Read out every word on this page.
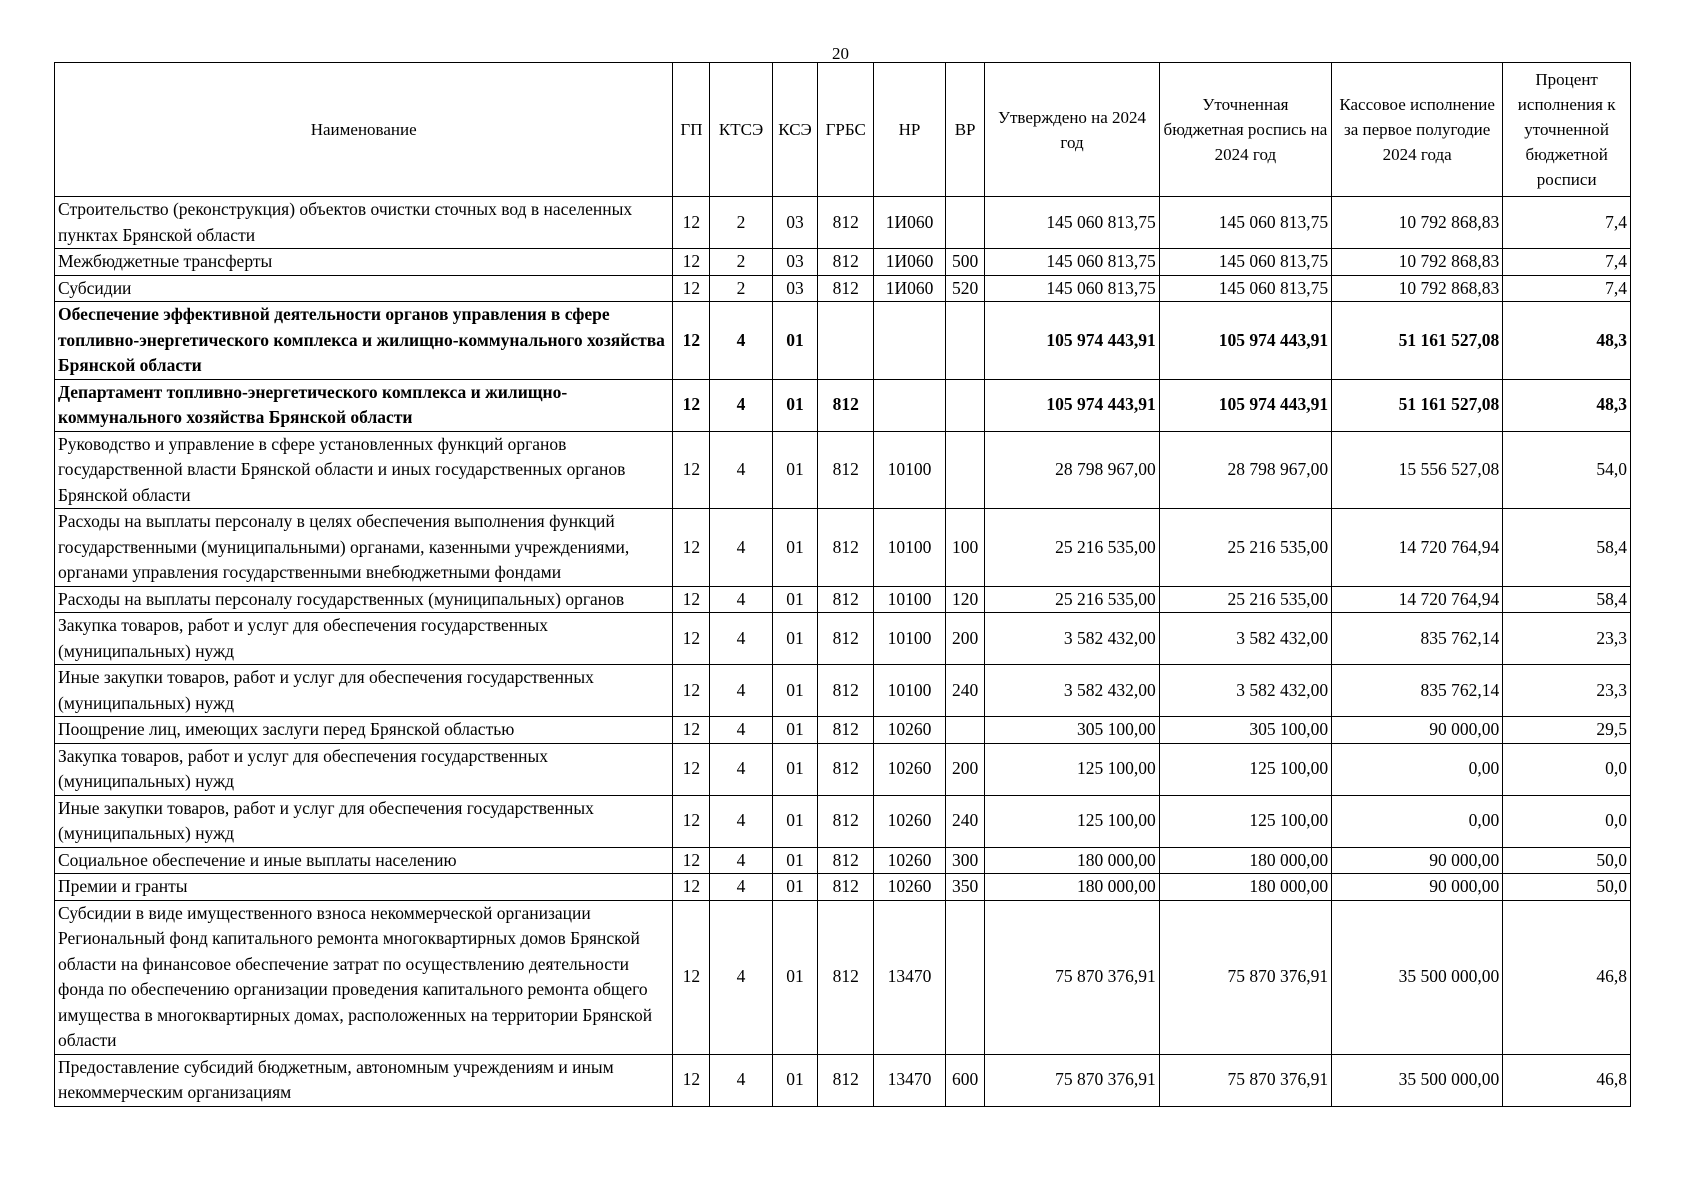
20
Наименование	ГП	КТСЭ	КСЭ	ГРБС	НР	ВР	Утверждено на 2024 год	Уточненная бюджетная роспись на 2024 год	Кассовое исполнение за первое полугодие 2024 года	Процент исполнения к уточненной бюджетной росписи
Строительство (реконструкция) объектов очистки сточных вод в населенных пунктах Брянской области	12	2	03	812	1И060		145 060 813,75	145 060 813,75	10 792 868,83	7,4
Межбюджетные трансферты	12	2	03	812	1И060	500	145 060 813,75	145 060 813,75	10 792 868,83	7,4
Субсидии	12	2	03	812	1И060	520	145 060 813,75	145 060 813,75	10 792 868,83	7,4
Обеспечение эффективной деятельности органов управления в сфере топливно-энергетического комплекса и жилищно-коммунального хозяйства Брянской области	12	4	01				105 974 443,91	105 974 443,91	51 161 527,08	48,3
Департамент топливно-энергетического комплекса и жилищно-коммунального хозяйства Брянской области	12	4	01	812			105 974 443,91	105 974 443,91	51 161 527,08	48,3
Руководство и управление в сфере установленных функций органов государственной власти Брянской области и иных государственных органов Брянской области	12	4	01	812	10100		28 798 967,00	28 798 967,00	15 556 527,08	54,0
Расходы на выплаты персоналу в целях обеспечения выполнения функций государственными (муниципальными) органами, казенными учреждениями, органами управления государственными внебюджетными фондами	12	4	01	812	10100	100	25 216 535,00	25 216 535,00	14 720 764,94	58,4
Расходы на выплаты персоналу государственных (муниципальных) органов	12	4	01	812	10100	120	25 216 535,00	25 216 535,00	14 720 764,94	58,4
Закупка товаров, работ и услуг для обеспечения государственных (муниципальных) нужд	12	4	01	812	10100	200	3 582 432,00	3 582 432,00	835 762,14	23,3
Иные закупки товаров, работ и услуг для обеспечения государственных (муниципальных) нужд	12	4	01	812	10100	240	3 582 432,00	3 582 432,00	835 762,14	23,3
Поощрение лиц, имеющих заслуги перед Брянской областью	12	4	01	812	10260		305 100,00	305 100,00	90 000,00	29,5
Закупка товаров, работ и услуг для обеспечения государственных (муниципальных) нужд	12	4	01	812	10260	200	125 100,00	125 100,00	0,00	0,0
Иные закупки товаров, работ и услуг для обеспечения государственных (муниципальных) нужд	12	4	01	812	10260	240	125 100,00	125 100,00	0,00	0,0
Социальное обеспечение и иные выплаты населению	12	4	01	812	10260	300	180 000,00	180 000,00	90 000,00	50,0
Премии и гранты	12	4	01	812	10260	350	180 000,00	180 000,00	90 000,00	50,0
Субсидии в виде имущественного взноса некоммерческой организации Региональный фонд капитального ремонта многоквартирных домов Брянской области на финансовое обеспечение затрат по осуществлению деятельности фонда по обеспечению организации проведения капитального ремонта общего имущества в многоквартирных домах, расположенных на территории Брянской области	12	4	01	812	13470		75 870 376,91	75 870 376,91	35 500 000,00	46,8
Предоставление субсидий бюджетным, автономным учреждениям и иным некоммерческим организациям	12	4	01	812	13470	600	75 870 376,91	75 870 376,91	35 500 000,00	46,8
